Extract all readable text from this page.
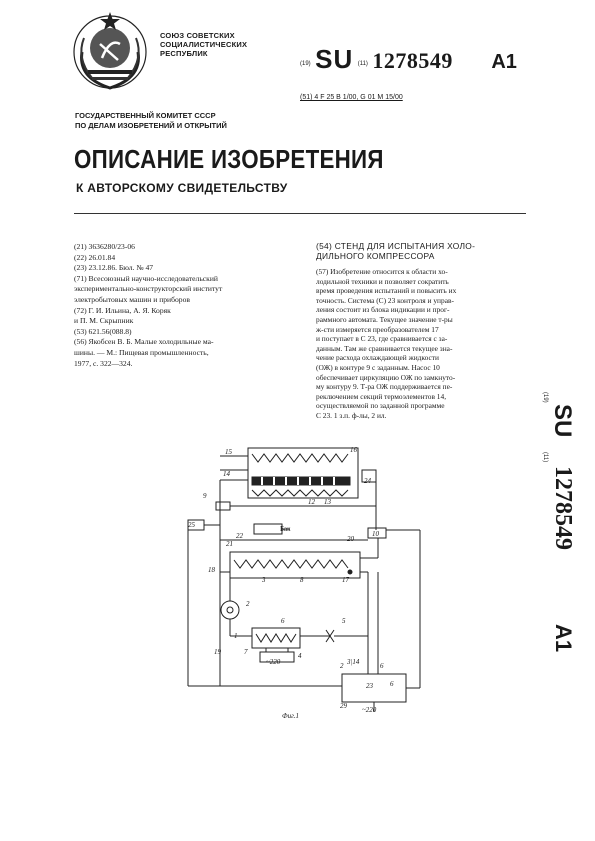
СОЮЗ СОВЕТСКИХ
СОЦИАЛИСТИЧЕСКИХ
РЕСПУБЛИК
(19) SU (11) 1278549 A1
(51) 4 F 25 B 1/00, G 01 M 15/00
ГОСУДАРСТВЕННЫЙ КОМИТЕТ СССР
ПО ДЕЛАМ ИЗОБРЕТЕНИЙ И ОТКРЫТИЙ
ОПИСАНИЕ ИЗОБРЕТЕНИЯ
К АВТОРСКОМУ СВИДЕТЕЛЬСТВУ
(21) 3636280/23-06
(22) 26.01.84
(23) 23.12.86. Бюл. № 47
(71) Всесоюзный научно-исследовательский
экспериментально-конструкторский институт
электробытовых машин и приборов
(72) Г. И. Ильина, А. Я. Коряк
и П. М. Скрыпник
(53) 621.56(088.8)
(56) Якобсен В. Б. Малые холодильные ма-
шины. — М.: Пищевая промышленность,
1977, с. 322—324.
(54) СТЕНД ДЛЯ ИСПЫТАНИЯ ХОЛО-
ДИЛЬНОГО КОМПРЕССОРА
(57) Изобретение относится к области хо-
лодильной техники и позволяет сократить
время проведения испытаний и повысить их
точность. Система (С) 23 контроля и управ-
ления состоит из блока индикации и прог-
раммного автомата. Текущее значение т-ры
ж-сти измеряется преобразователем 17
и поступает в С 23, где сравнивается с за-
данным. Там же сравнивается текущее зна-
чение расхода охлаждающей жидкости
(ОЖ) в контуре 9 с заданным. Насос 10
обеспечивает циркуляцию ОЖ по замкнуто-
му контуру 9. Т-ра ОЖ поддерживается пе-
реключением секций термоэлементов 14,
осуществляемой по заданной программе
С 23. 1 з.п. ф-лы, 2 ил.
(19)
SU
(11)
1278549
A1
15	16
14
24
12 13
9
25	Бак
10
21
22	20
18
3	8	17
2
6	5
1
7	4
19
~220
~220
23
3|14
2	6
6
29
Фиг.1
